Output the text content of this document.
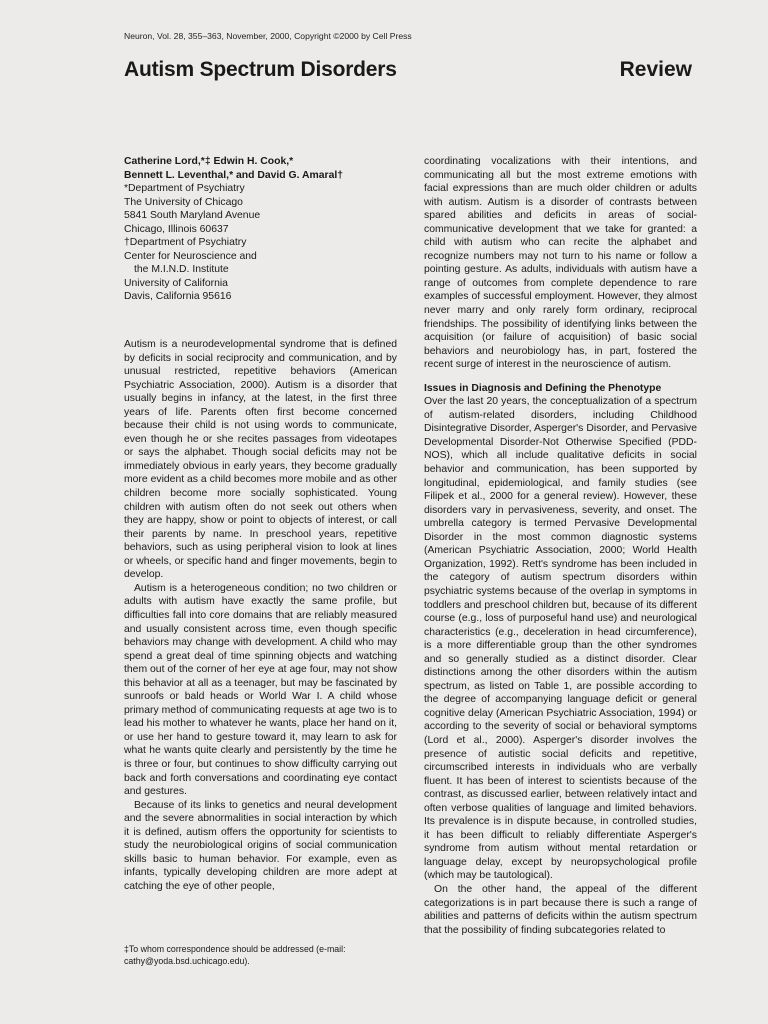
Neuron, Vol. 28, 355–363, November, 2000, Copyright ©2000 by Cell Press
Autism Spectrum Disorders	Review
Catherine Lord,*‡ Edwin H. Cook,*
Bennett L. Leventhal,* and David G. Amaral†
*Department of Psychiatry
The University of Chicago
5841 South Maryland Avenue
Chicago, Illinois 60637
†Department of Psychiatry
Center for Neuroscience and
the M.I.N.D. Institute
University of California
Davis, California 95616

Autism is a neurodevelopmental syndrome that is defined by deficits in social reciprocity and communication, and by unusual restricted, repetitive behaviors (American Psychiatric Association, 2000). Autism is a disorder that usually begins in infancy, at the latest, in the first three years of life. Parents often first become concerned because their child is not using words to communicate, even though he or she recites passages from videotapes or says the alphabet. Though social deficits may not be immediately obvious in early years, they become gradually more evident as a child becomes more mobile and as other children become more socially sophisticated. Young children with autism often do not seek out others when they are happy, show or point to objects of interest, or call their parents by name. In preschool years, repetitive behaviors, such as using peripheral vision to look at lines or wheels, or specific hand and finger movements, begin to develop.

Autism is a heterogeneous condition; no two children or adults with autism have exactly the same profile, but difficulties fall into core domains that are reliably measured and usually consistent across time, even though specific behaviors may change with development. A child who may spend a great deal of time spinning objects and watching them out of the corner of her eye at age four, may not show this behavior at all as a teenager, but may be fascinated by sunroofs or bald heads or World War I. A child whose primary method of communicating requests at age two is to lead his mother to whatever he wants, place her hand on it, or use her hand to gesture toward it, may learn to ask for what he wants quite clearly and persistently by the time he is three or four, but continues to show difficulty carrying out back and forth conversations and coordinating eye contact and gestures.

Because of its links to genetics and neural development and the severe abnormalities in social interaction by which it is defined, autism offers the opportunity for scientists to study the neurobiological origins of social communication skills basic to human behavior. For example, even as infants, typically developing children are more adept at catching the eye of other people,

‡To whom correspondence should be addressed (e-mail: cathy@yoda.bsd.uchicago.edu).

coordinating vocalizations with their intentions, and communicating all but the most extreme emotions with facial expressions than are much older children or adults with autism. Autism is a disorder of contrasts between spared abilities and deficits in areas of social-communicative development that we take for granted: a child with autism who can recite the alphabet and recognize numbers may not turn to his name or follow a pointing gesture. As adults, individuals with autism have a range of outcomes from complete dependence to rare examples of successful employment. However, they almost never marry and only rarely form ordinary, reciprocal friendships. The possibility of identifying links between the acquisition (or failure of acquisition) of basic social behaviors and neurobiology has, in part, fostered the recent surge of interest in the neuroscience of autism.

Issues in Diagnosis and Defining the Phenotype

Over the last 20 years, the conceptualization of a spectrum of autism-related disorders, including Childhood Disintegrative Disorder, Asperger's Disorder, and Pervasive Developmental Disorder-Not Otherwise Specified (PDD-NOS), which all include qualitative deficits in social behavior and communication, has been supported by longitudinal, epidemiological, and family studies (see Filipek et al., 2000 for a general review). However, these disorders vary in pervasiveness, severity, and onset. The umbrella category is termed Pervasive Developmental Disorder in the most common diagnostic systems (American Psychiatric Association, 2000; World Health Organization, 1992). Rett's syndrome has been included in the category of autism spectrum disorders within psychiatric systems because of the overlap in symptoms in toddlers and preschool children but, because of its different course (e.g., loss of purposeful hand use) and neurological characteristics (e.g., deceleration in head circumference), is a more differentiable group than the other syndromes and so generally studied as a distinct disorder. Clear distinctions among the other disorders within the autism spectrum, as listed on Table 1, are possible according to the degree of accompanying language deficit or general cognitive delay (American Psychiatric Association, 1994) or according to the severity of social or behavioral symptoms (Lord et al., 2000). Asperger's disorder involves the presence of autistic social deficits and repetitive, circumscribed interests in individuals who are verbally fluent. It has been of interest to scientists because of the contrast, as discussed earlier, between relatively intact and often verbose qualities of language and limited behaviors. Its prevalence is in dispute because, in controlled studies, it has been difficult to reliably differentiate Asperger's syndrome from autism without mental retardation or language delay, except by neuropsychological profile (which may be tautological).

On the other hand, the appeal of the different categorizations is in part because there is such a range of abilities and patterns of deficits within the autism spectrum that the possibility of finding subcategories related to
